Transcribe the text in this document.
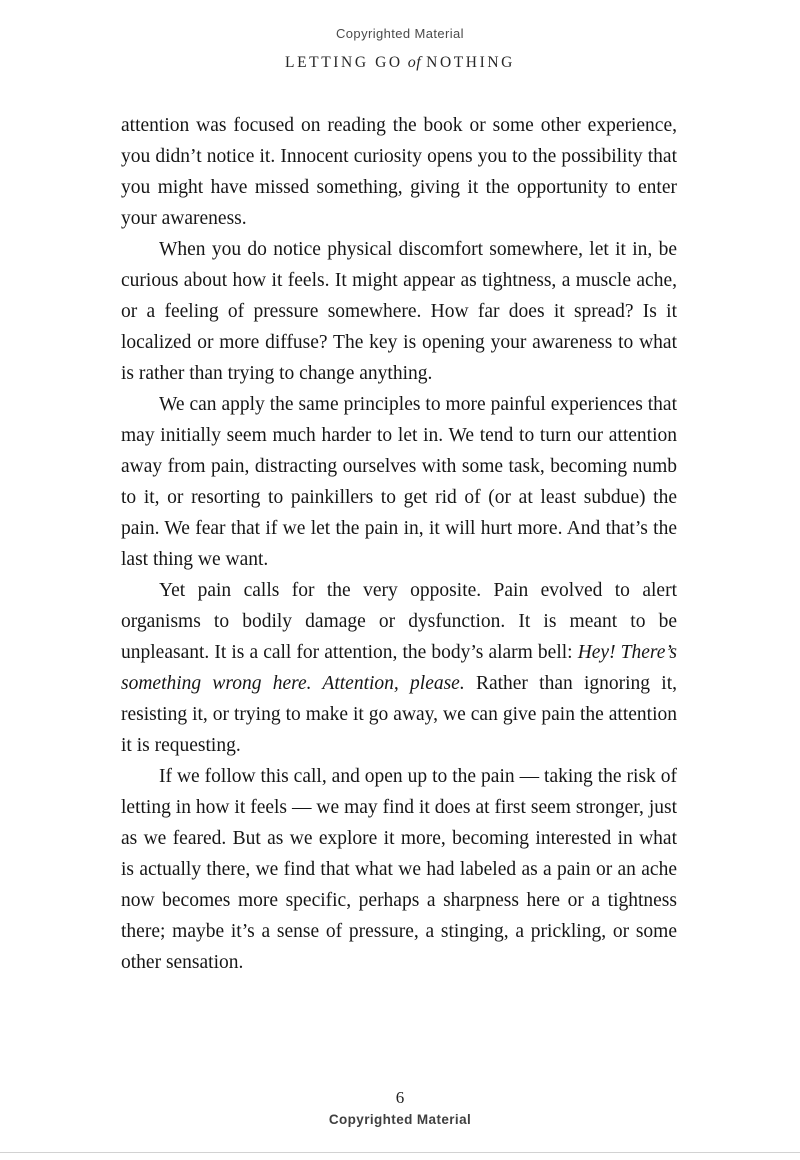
Copyrighted Material
LETTING GO of NOTHING

attention was focused on reading the book or some other experience, you didn’t notice it. Innocent curiosity opens you to the possibility that you might have missed something, giving it the opportunity to enter your awareness.

When you do notice physical discomfort somewhere, let it in, be curious about how it feels. It might appear as tightness, a muscle ache, or a feeling of pressure somewhere. How far does it spread? Is it localized or more diffuse? The key is opening your awareness to what is rather than trying to change anything.

We can apply the same principles to more painful experiences that may initially seem much harder to let in. We tend to turn our attention away from pain, distracting ourselves with some task, becoming numb to it, or resorting to painkillers to get rid of (or at least subdue) the pain. We fear that if we let the pain in, it will hurt more. And that’s the last thing we want.

Yet pain calls for the very opposite. Pain evolved to alert organisms to bodily damage or dysfunction. It is meant to be unpleasant. It is a call for attention, the body’s alarm bell: Hey! There’s something wrong here. Attention, please. Rather than ignoring it, resisting it, or trying to make it go away, we can give pain the attention it is requesting.

If we follow this call, and open up to the pain — taking the risk of letting in how it feels — we may find it does at first seem stronger, just as we feared. But as we explore it more, becoming interested in what is actually there, we find that what we had labeled as a pain or an ache now becomes more specific, perhaps a sharpness here or a tightness there; maybe it’s a sense of pressure, a stinging, a prickling, or some other sensation.

6
Copyrighted Material
